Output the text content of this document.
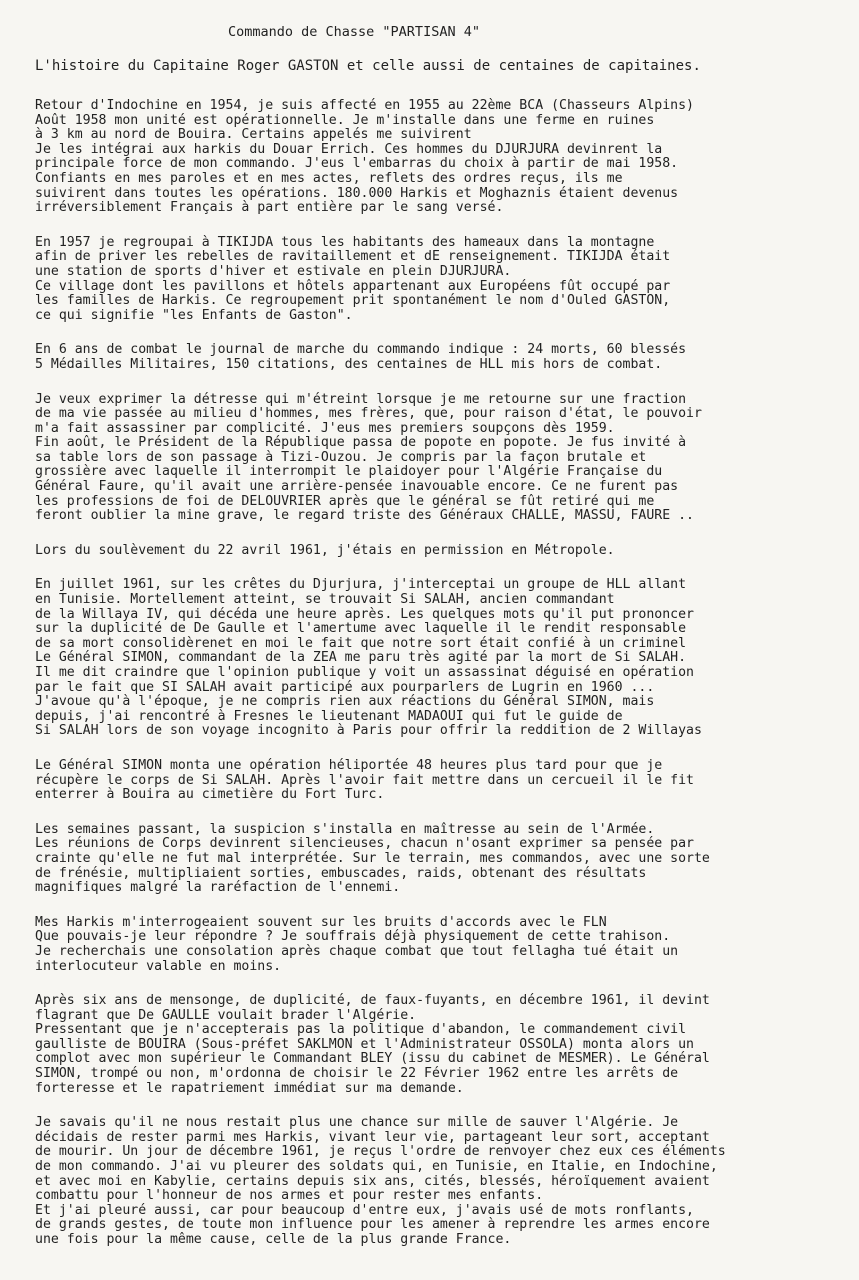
Commando de Chasse "PARTISAN 4"
L'histoire du Capitaine Roger GASTON et celle aussi de centaines de capitaines.
Retour d'Indochine en 1954, je suis affecté en 1955 au 22ème BCA (Chasseurs Alpins)
Août 1958 mon unité est opérationnelle. Je m'installe dans une ferme en ruines
à 3 km au nord de Bouira. Certains appelés me suivirent
Je les intégrai aux harkis du Douar Errich. Ces hommes du DJURJURA devinrent la
principale force de mon commando. J'eus l'embarras du choix à partir de mai 1958.
Confiants en mes paroles et en mes actes, reflets des ordres reçus, ils me
suivirent dans toutes les opérations. 180.000 Harkis et Moghaznis étaient devenus
irréversiblement Français à part entière par le sang versé.
En 1957 je regroupai à TIKIJDA tous les habitants des hameaux dans la montagne
afin de priver les rebelles de ravitaillement et dE renseignement. TIKIJDA était
une station de sports d'hiver et estivale en plein DJURJURA.
Ce village dont les pavillons et hôtels appartenant aux Européens fût occupé par
les familles de Harkis. Ce regroupement prit spontanément le nom d'Ouled GASTON,
ce qui signifie "les Enfants de Gaston".
En 6 ans de combat le journal de marche du commando indique : 24 morts, 60 blessés
5 Médailles Militaires, 150 citations, des centaines de HLL mis hors de combat.
Je veux exprimer la détresse qui m'étreint lorsque je me retourne sur une fraction
de ma vie passée au milieu d'hommes, mes frères, que, pour raison d'état, le pouvoir
m'a fait assassiner par complicité. J'eus mes premiers soupçons dès 1959.
Fin août, le Président de la République passa de popote en popote. Je fus invité à
sa table lors de son passage à Tizi-Ouzou. Je compris par la façon brutale et
grossière avec laquelle il interrompit le plaidoyer pour l'Algérie Française du
Général Faure, qu'il avait une arrière-pensée inavouable encore. Ce ne furent pas
les professions de foi de DELOUVRIER après que le général se fût retiré qui me
feront oublier la mine grave, le regard triste des Généraux CHALLE, MASSU, FAURE ..
Lors du soulèvement du 22 avril 1961, j'étais en permission en Métropole.
En juillet 1961, sur les crêtes du Djurjura, j'interceptai un groupe de HLL allant
en Tunisie. Mortellement atteint, se trouvait Si SALAH, ancien commandant
de la Willaya IV, qui décéda une heure après. Les quelques mots qu'il put prononcer
sur la duplicité de De Gaulle et l'amertume avec laquelle il le rendit responsable
de sa mort consolidèrenet en moi le fait que notre sort était confié à un criminel
Le Général SIMON, commandant de la ZEA me paru très agité par la mort de Si SALAH.
Il me dit craindre que l'opinion publique y voit un assassinat déguisé en opération
par le fait que SI SALAH avait participé aux pourparlers de Lugrin en 1960 ...
J'avoue qu'à l'époque, je ne compris rien aux réactions du Général SIMON, mais
depuis, j'ai rencontré à Fresnes le lieutenant MADAOUI qui fut le guide de
Si SALAH lors de son voyage incognito à Paris pour offrir la reddition de 2 Willayas
Le Général SIMON monta une opération héliportée 48 heures plus tard pour que je
récupère le corps de Si SALAH. Après l'avoir fait mettre dans un cercueil il le fit
enterrer à Bouira au cimetière du Fort Turc.
Les semaines passant, la suspicion s'installa en maîtresse au sein de l'Armée.
Les réunions de Corps devinrent silencieuses, chacun n'osant exprimer sa pensée par
crainte qu'elle ne fut mal interprétée. Sur le terrain, mes commandos, avec une sorte
de frénésie, multipliaient sorties, embuscades, raids, obtenant des résultats
magnifiques malgré la raréfaction de l'ennemi.
Mes Harkis m'interrogeaient souvent sur les bruits d'accords avec le FLN
Que pouvais-je leur répondre ? Je souffrais déjà physiquement de cette trahison.
Je recherchais une consolation après chaque combat que tout fellagha tué était un
interlocuteur valable en moins.
Après six ans de mensonge, de duplicité, de faux-fuyants, en décembre 1961, il devint
flagrant que De GAULLE voulait brader l'Algérie.
Pressentant que je n'accepterais pas la politique d'abandon, le commandement civil
gaulliste de BOUIRA (Sous-préfet SAKLMON et l'Administrateur OSSOLA) monta alors un
complot avec mon supérieur le Commandant BLEY (issu du cabinet de MESMER). Le Général
SIMON, trompé ou non, m'ordonna de choisir le 22 Février 1962 entre les arrêts de
forteresse et le rapatriement immédiat sur ma demande.
Je savais qu'il ne nous restait plus une chance sur mille de sauver l'Algérie. Je
décidais de rester parmi mes Harkis, vivant leur vie, partageant leur sort, acceptant
de mourir. Un jour de décembre 1961, je reçus l'ordre de renvoyer chez eux ces éléments
de mon commando. J'ai vu pleurer des soldats qui, en Tunisie, en Italie, en Indochine,
et avec moi en Kabylie, certains depuis six ans, cités, blessés, héroïquement avaient
combattu pour l'honneur de nos armes et pour rester mes enfants.
Et j'ai pleuré aussi, car pour beaucoup d'entre eux, j'avais usé de mots ronflants,
de grands gestes, de toute mon influence pour les amener à reprendre les armes encore
une fois pour la même cause, celle de la plus grande France.
